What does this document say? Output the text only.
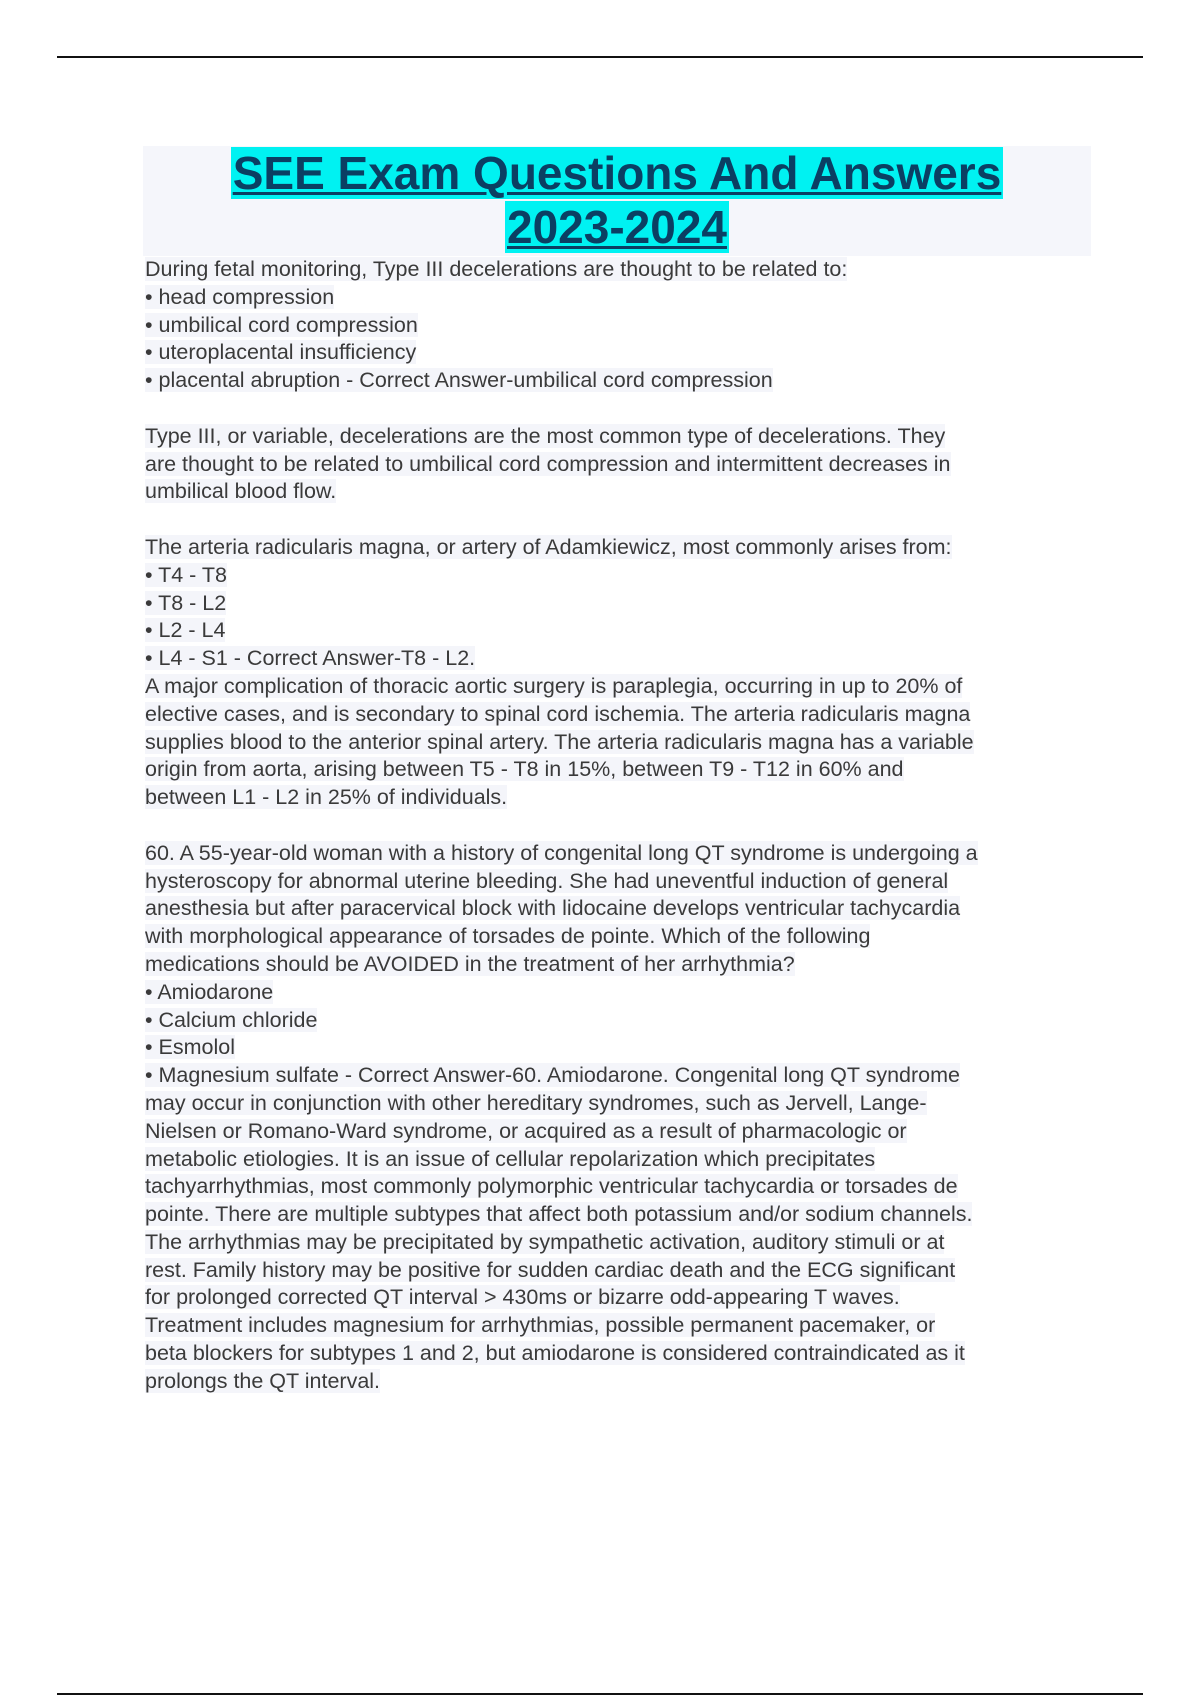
SEE Exam Questions And Answers
2023-2024
During fetal monitoring, Type III decelerations are thought to be related to:
• head compression
• umbilical cord compression
• uteroplacental insufficiency
• placental abruption - Correct Answer-umbilical cord compression
Type III, or variable, decelerations are the most common type of decelerations. They
are thought to be related to umbilical cord compression and intermittent decreases in
umbilical blood flow.
The arteria radicularis magna, or artery of Adamkiewicz, most commonly arises from:
• T4 - T8
• T8 - L2
• L2 - L4
• L4 - S1 - Correct Answer-T8 - L2.
A major complication of thoracic aortic surgery is paraplegia, occurring in up to 20% of
elective cases, and is secondary to spinal cord ischemia. The arteria radicularis magna
supplies blood to the anterior spinal artery. The arteria radicularis magna has a variable
origin from aorta, arising between T5 - T8 in 15%, between T9 - T12 in 60% and
between L1 - L2 in 25% of individuals.
60. A 55-year-old woman with a history of congenital long QT syndrome is undergoing a
hysteroscopy for abnormal uterine bleeding. She had uneventful induction of general
anesthesia but after paracervical block with lidocaine develops ventricular tachycardia
with morphological appearance of torsades de pointe. Which of the following
medications should be AVOIDED in the treatment of her arrhythmia?
• Amiodarone
• Calcium chloride
• Esmolol
• Magnesium sulfate - Correct Answer-60. Amiodarone. Congenital long QT syndrome
may occur in conjunction with other hereditary syndromes, such as Jervell, Lange-
Nielsen or Romano-Ward syndrome, or acquired as a result of pharmacologic or
metabolic etiologies. It is an issue of cellular repolarization which precipitates
tachyarrhythmias, most commonly polymorphic ventricular tachycardia or torsades de
pointe. There are multiple subtypes that affect both potassium and/or sodium channels.
The arrhythmias may be precipitated by sympathetic activation, auditory stimuli or at
rest. Family history may be positive for sudden cardiac death and the ECG significant
for prolonged corrected QT interval > 430ms or bizarre odd-appearing T waves.
Treatment includes magnesium for arrhythmias, possible permanent pacemaker, or
beta blockers for subtypes 1 and 2, but amiodarone is considered contraindicated as it
prolongs the QT interval.
